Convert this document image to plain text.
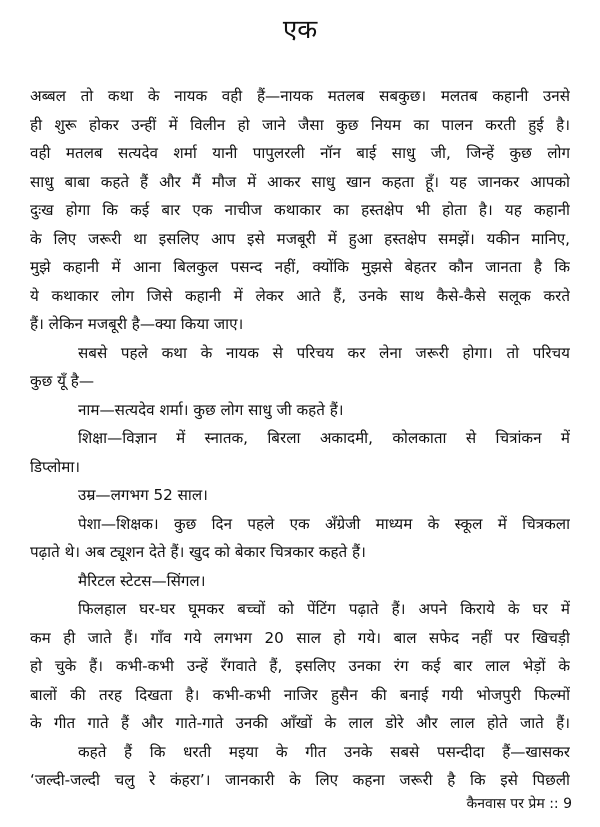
एक
अब्बल तो कथा के नायक वही हैं—नायक मतलब सबकुछ। मलतब कहानी उनसे
ही शुरू होकर उन्हीं में विलीन हो जाने जैसा कुछ नियम का पालन करती हुई है।
वही मतलब सत्यदेव शर्मा यानी पापुलरली नॉन बाई साधु जी, जिन्हें कुछ लोग
साधु बाबा कहते हैं और मैं मौज में आकर साधु खान कहता हूँ। यह जानकर आपको
दुःख होगा कि कई बार एक नाचीज कथाकार का हस्तक्षेप भी होता है। यह कहानी
के लिए जरूरी था इसलिए आप इसे मजबूरी में हुआ हस्तक्षेप समझें। यकीन मानिए,
मुझे कहानी में आना बिलकुल पसन्द नहीं, क्योंकि मुझसे बेहतर कौन जानता है कि
ये कथाकार लोग जिसे कहानी में लेकर आते हैं, उनके साथ कैसे-कैसे सलूक करते
हैं। लेकिन मजबूरी है—क्या किया जाए।
सबसे पहले कथा के नायक से परिचय कर लेना जरूरी होगा। तो परिचय
कुछ यूँ है—
नाम—सत्यदेव शर्मा। कुछ लोग साधु जी कहते हैं।
शिक्षा—विज्ञान में स्नातक, बिरला अकादमी, कोलकाता से चित्रांकन में
डिप्लोमा।
उम्र—लगभग 52 साल।
पेशा—शिक्षक। कुछ दिन पहले एक अँग्रेजी माध्यम के स्कूल में चित्रकला
पढ़ाते थे। अब ट्यूशन देते हैं। खुद को बेकार चित्रकार कहते हैं।
मैरिटल स्टेटस—सिंगल।
फिलहाल घर-घर घूमकर बच्चों को पेंटिंग पढ़ाते हैं। अपने किराये के घर में
कम ही जाते हैं। गाँव गये लगभग 20 साल हो गये। बाल सफेद नहीं पर खिचड़ी
हो चुके हैं। कभी-कभी उन्हें रँगवाते हैं, इसलिए उनका रंग कई बार लाल भेड़ों के
बालों की तरह दिखता है। कभी-कभी नाजिर हुसैन की बनाई गयी भोजपुरी फिल्मों
के गीत गाते हैं और गाते-गाते उनकी आँखों के लाल डोरे और लाल होते जाते हैं।
कहते हैं कि धरती मइया के गीत उनके सबसे पसन्दीदा हैं—खासकर
‘जल्दी-जल्दी चलु रे कंहरा’। जानकारी के लिए कहना जरूरी है कि इसे पिछली
कैनवास पर प्रेम :: 9
